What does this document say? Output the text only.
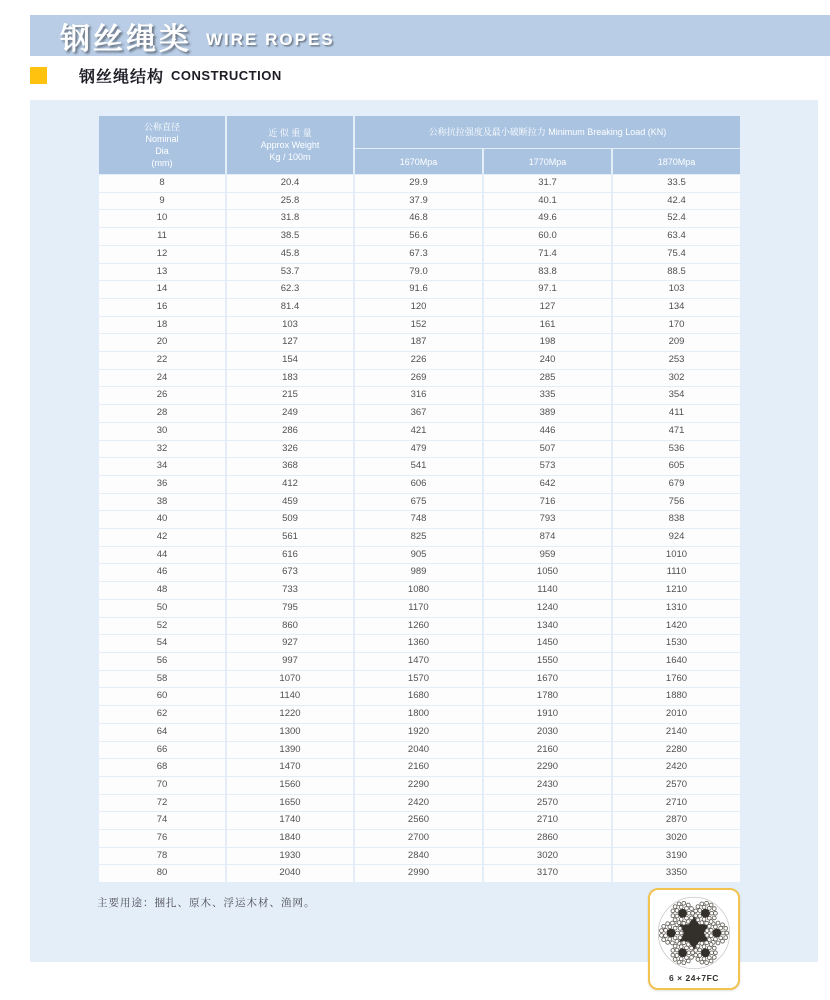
钢丝绳类 WIRE ROPES
钢丝绳结构 CONSTRUCTION
公称直径
Nominal
Dia
(mm)	近 似 重 量
Approx Weight
Kg / 100m	公称抗拉强度及最小破断拉力 Minimum Breaking Load (KN)		
		1670Mpa	1770Mpa	1870Mpa
8	20.4	29.9	31.7	33.5
9	25.8	37.9	40.1	42.4
10	31.8	46.8	49.6	52.4
11	38.5	56.6	60.0	63.4
12	45.8	67.3	71.4	75.4
13	53.7	79.0	83.8	88.5
14	62.3	91.6	97.1	103
16	81.4	120	127	134
18	103	152	161	170
20	127	187	198	209
22	154	226	240	253
24	183	269	285	302
26	215	316	335	354
28	249	367	389	411
30	286	421	446	471
32	326	479	507	536
34	368	541	573	605
36	412	606	642	679
38	459	675	716	756
40	509	748	793	838
42	561	825	874	924
44	616	905	959	1010
46	673	989	1050	1110
48	733	1080	1140	1210
50	795	1170	1240	1310
52	860	1260	1340	1420
54	927	1360	1450	1530
56	997	1470	1550	1640
58	1070	1570	1670	1760
60	1140	1680	1780	1880
62	1220	1800	1910	2010
64	1300	1920	2030	2140
66	1390	2040	2160	2280
68	1470	2160	2290	2420
70	1560	2290	2430	2570
72	1650	2420	2570	2710
74	1740	2560	2710	2870
76	1840	2700	2860	3020
78	1930	2840	3020	3190
80	2040	2990	3170	3350
主要用途：捆扎、原木、浮运木材、渔网。
6 × 24+7FC
